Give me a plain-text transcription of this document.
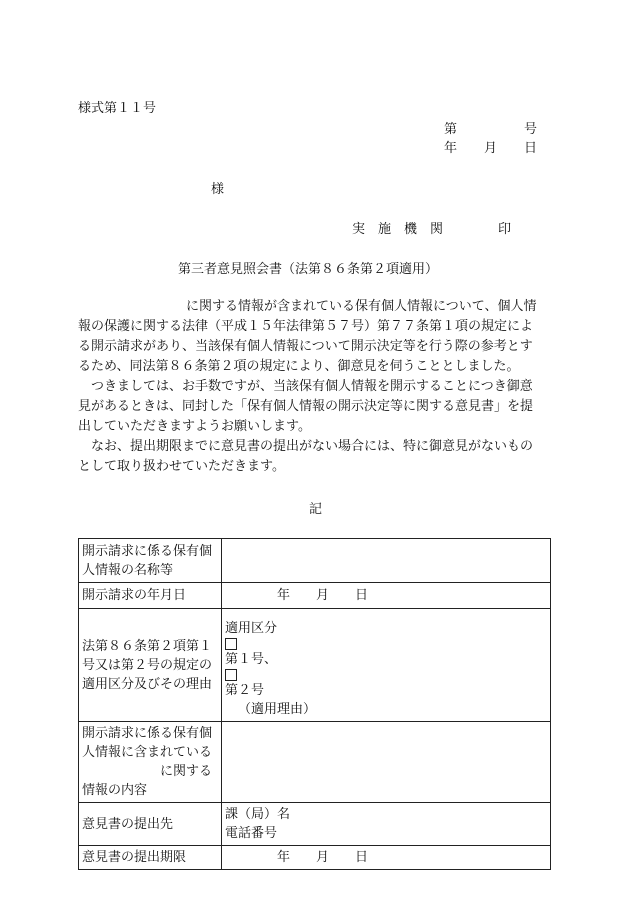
様式第１１号
第	号
年 月 日
様
実　施　機　関	印
第三者意見照会書（法第８６条第２項適用）
に関する情報が含まれている保有個人情報について、個人情
報の保護に関する法律（平成１５年法律第５７号）第７７条第１項の規定によ
る開示請求があり、当該保有個人情報について開示決定等を行う際の参考とす
るため、同法第８６条第２項の規定により、御意見を伺うこととしました。
つきましては、お手数ですが、当該保有個人情報を開示することにつき御意
見があるときは、同封した「保有個人情報の開示決定等に関する意見書」を提
出していただきますようお願いします。
なお、提出期限までに意見書の提出がない場合には、特に御意見がないもの
として取り扱わせていただきます。
記
開示請求に係る保有個
人情報の名称等	

開示請求の年月日	年　　月　　日

法第８６条第２項第１
号又は第２号の規定の
適用区分及びその理由	適用区分
第１号、
第２号
（適用理由）

開示請求に係る保有個
人情報に含まれている
に関する
情報の内容	

意見書の提出先	課（局）名
電話番号

意見書の提出期限	年　　月　　日
